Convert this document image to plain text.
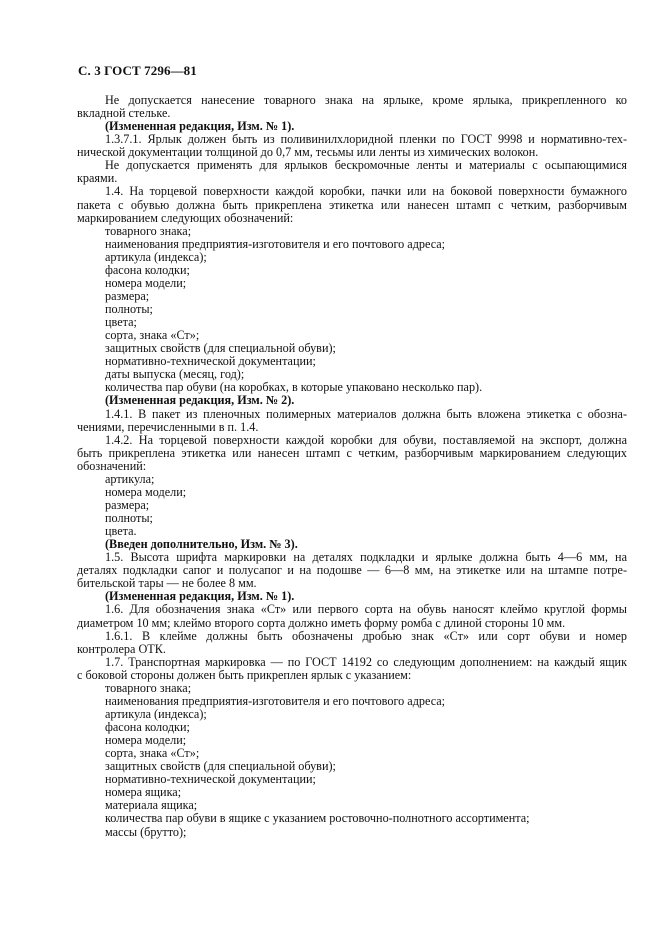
С. 3 ГОСТ 7296—81
Не допускается нанесение товарного знака на ярлыке, кроме ярлыка, прикрепленного ко
вкладной стельке.
(Измененная редакция, Изм. № 1).
1.3.7.1. Ярлык должен быть из поливинилхлоридной пленки по ГОСТ 9998 и нормативно-тех-
нической документации толщиной до 0,7 мм, тесьмы или ленты из химических волокон.
Не допускается применять для ярлыков бескромочные ленты и материалы с осыпающимися
краями.
1.4. На торцевой поверхности каждой коробки, пачки или на боковой поверхности бумажного
пакета с обувью должна быть прикреплена этикетка или нанесен штамп с четким, разборчивым
маркированием следующих обозначений:
товарного знака;
наименования предприятия-изготовителя и его почтового адреса;
артикула (индекса);
фасона колодки;
номера модели;
размера;
полноты;
цвета;
сорта, знака «Ст»;
защитных свойств (для специальной обуви);
нормативно-технической документации;
даты выпуска (месяц, год);
количества пар обуви (на коробках, в которые упаковано несколько пар).
(Измененная редакция, Изм. № 2).
1.4.1. В пакет из пленочных полимерных материалов должна быть вложена этикетка с обозна-
чениями, перечисленными в п. 1.4.
1.4.2. На торцевой поверхности каждой коробки для обуви, поставляемой на экспорт, должна
быть прикреплена этикетка или нанесен штамп с четким, разборчивым маркированием следующих
обозначений:
артикула;
номера модели;
размера;
полноты;
цвета.
(Введен дополнительно, Изм. № 3).
1.5. Высота шрифта маркировки на деталях подкладки и ярлыке должна быть 4—6 мм, на
деталях подкладки сапог и полусапог и на подошве — 6—8 мм, на этикетке или на штампе потре-
бительской тары — не более 8 мм.
(Измененная редакция, Изм. № 1).
1.6. Для обозначения знака «Ст» или первого сорта на обувь наносят клеймо круглой формы
диаметром 10 мм; клеймо второго сорта должно иметь форму ромба с длиной стороны 10 мм.
1.6.1. В клейме должны быть обозначены дробью знак «Ст» или сорт обуви и номер
контролера ОТК.
1.7. Транспортная маркировка — по ГОСТ 14192 со следующим дополнением: на каждый ящик
с боковой стороны должен быть прикреплен ярлык с указанием:
товарного знака;
наименования предприятия-изготовителя и его почтового адреса;
артикула (индекса);
фасона колодки;
номера модели;
сорта, знака «Ст»;
защитных свойств (для специальной обуви);
нормативно-технической документации;
номера ящика;
материала ящика;
количества пар обуви в ящике с указанием ростовочно-полнотного ассортимента;
массы (брутто);
